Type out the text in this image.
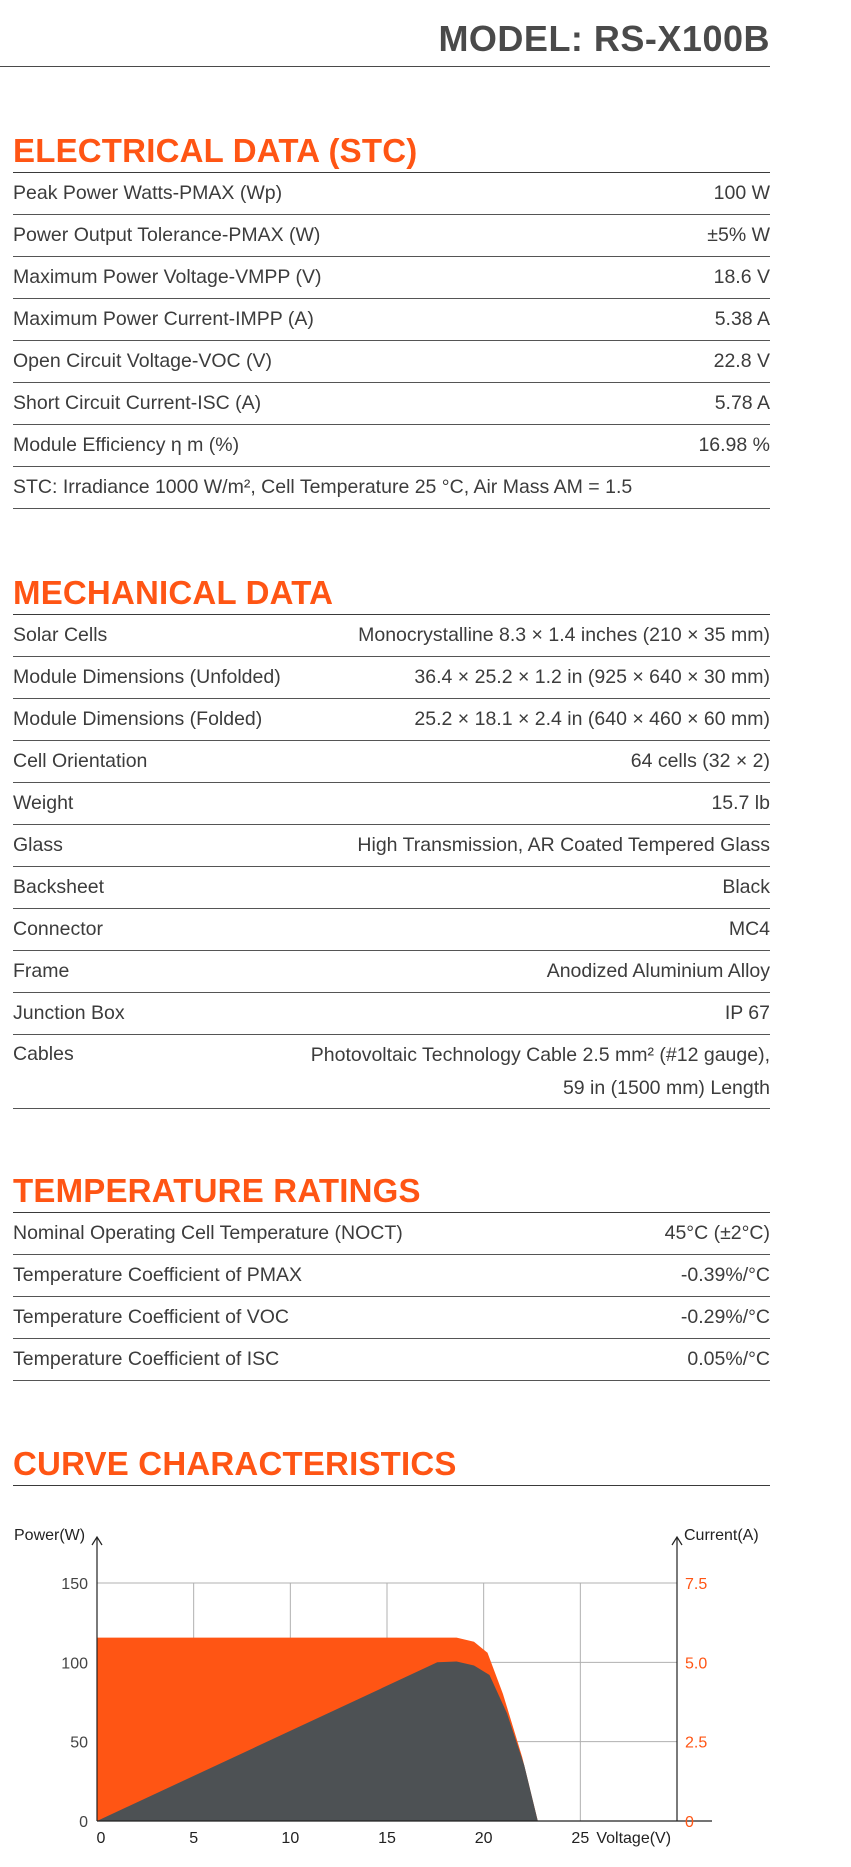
MODEL: RS-X100B
ELECTRICAL DATA (STC)
Peak Power Watts-PMAX (Wp)	100 W
Power Output Tolerance-PMAX (W)	±5% W
Maximum Power Voltage-VMPP (V)	18.6 V
Maximum Power Current-IMPP (A)	5.38 A
Open Circuit Voltage-VOC (V)	22.8 V
Short Circuit Current-ISC (A)	5.78 A
Module Efficiency η m (%)	16.98 %
STC: Irradiance 1000 W/m², Cell Temperature 25 °C, Air Mass AM = 1.5
MECHANICAL DATA
Solar Cells	Monocrystalline 8.3 × 1.4 inches (210 × 35 mm)
Module Dimensions (Unfolded)	36.4 × 25.2 × 1.2 in (925 × 640 × 30 mm)
Module Dimensions (Folded)	25.2 × 18.1 × 2.4 in (640 × 460 × 60 mm)
Cell Orientation	64 cells (32 × 2)
Weight	15.7 lb
Glass	High Transmission, AR Coated Tempered Glass
Backsheet	Black
Connector	MC4
Frame	Anodized Aluminium Alloy
Junction Box	IP 67
Cables	Photovoltaic Technology Cable 2.5 mm² (#12 gauge),
59 in (1500 mm) Length
TEMPERATURE RATINGS
Nominal Operating Cell Temperature (NOCT)	45°C (±2°C)
Temperature Coefficient of PMAX	-0.39%/°C
Temperature Coefficient of VOC	-0.29%/°C
Temperature Coefficient of ISC	0.05%/°C
CURVE CHARACTERISTICS
Power(W)	Current(A)
0
50
100
150
0
2.5
5.0
7.5
0	5	10	15	20	25 Voltage(V)
